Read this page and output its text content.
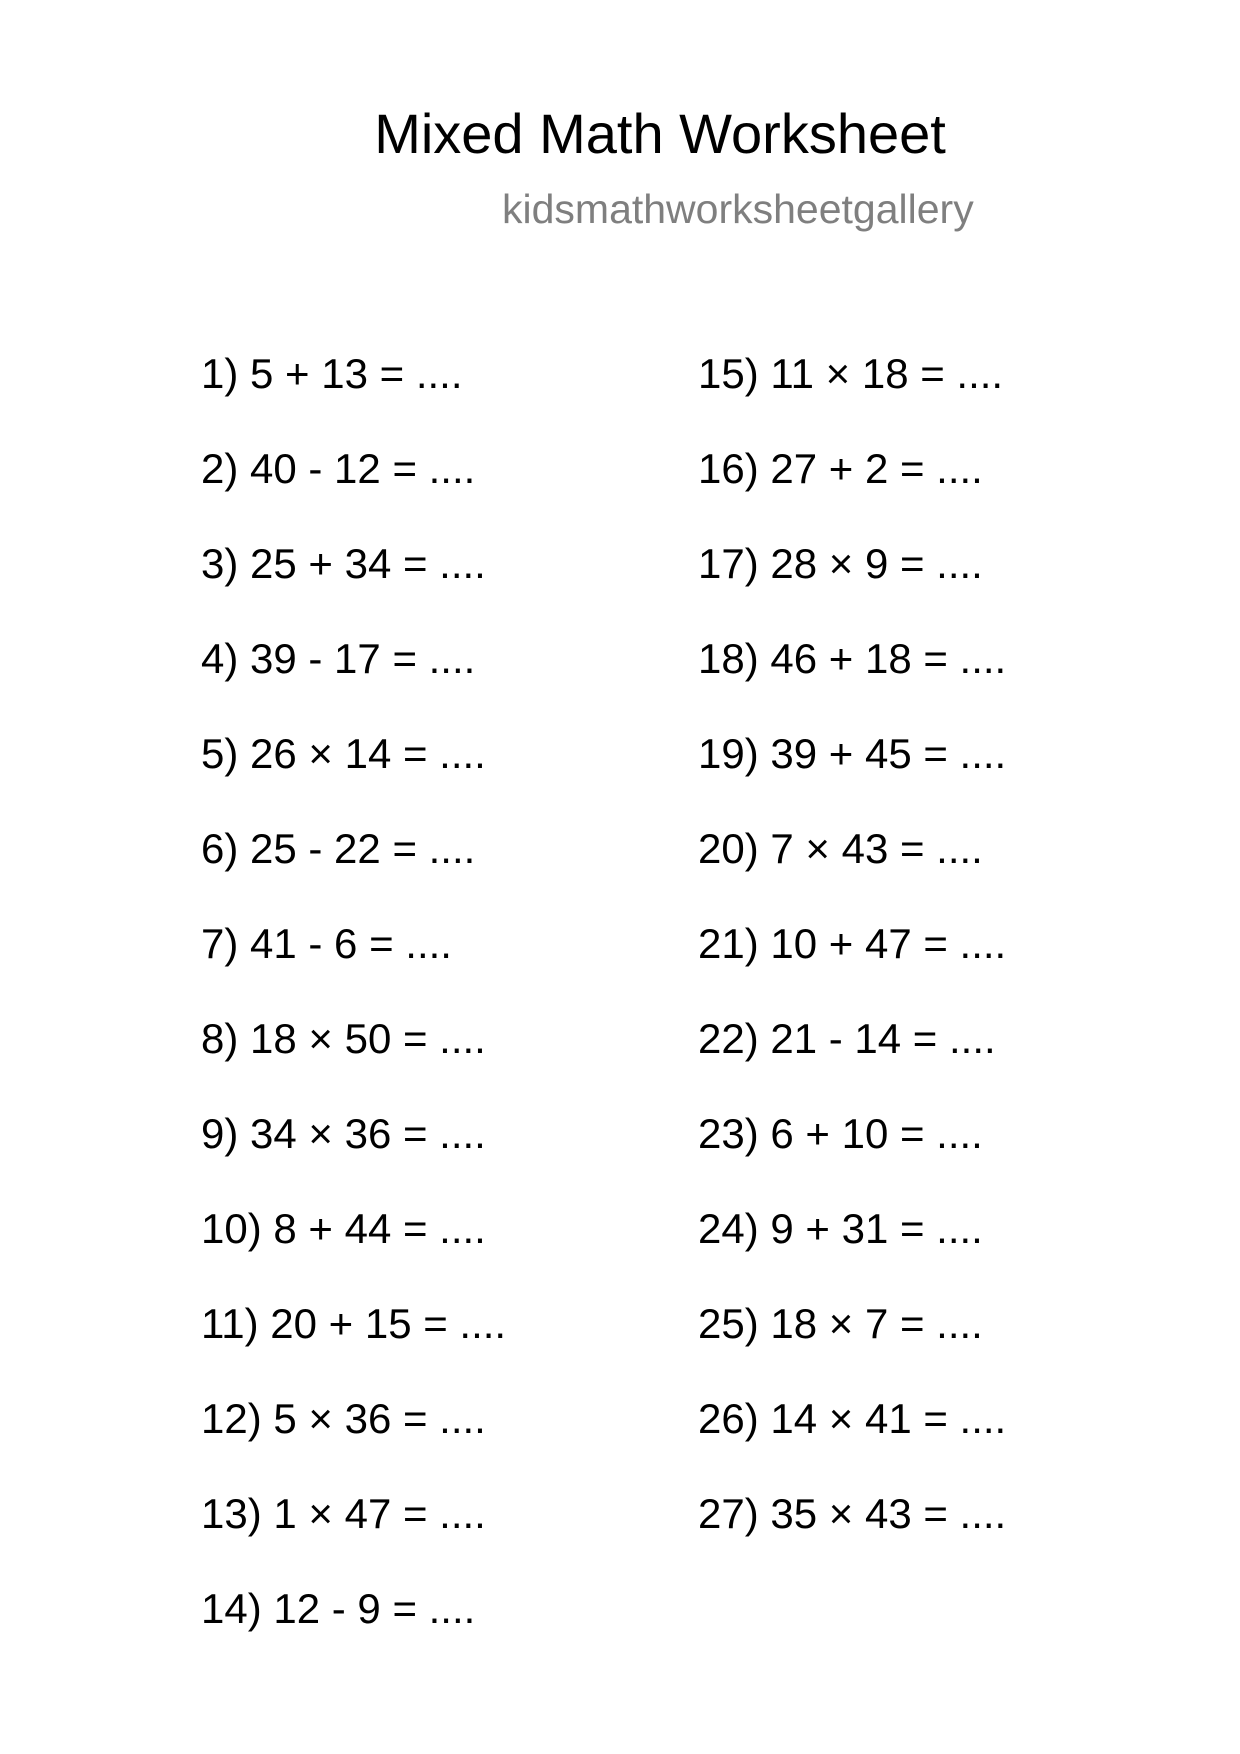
Mixed Math Worksheet
kidsmathworksheetgallery
1) 5 + 13 = ....
2) 40 - 12 = ....
3) 25 + 34 = ....
4) 39 - 17 = ....
5) 26 × 14 = ....
6) 25 - 22 = ....
7) 41 - 6 = ....
8) 18 × 50 = ....
9) 34 × 36 = ....
10) 8 + 44 = ....
11) 20 + 15 = ....
12) 5 × 36 = ....
13) 1 × 47 = ....
14) 12 - 9 = ....
15) 11 × 18 = ....
16) 27 + 2 = ....
17) 28 × 9 = ....
18) 46 + 18 = ....
19) 39 + 45 = ....
20) 7 × 43 = ....
21) 10 + 47 = ....
22) 21 - 14 = ....
23) 6 + 10 = ....
24) 9 + 31 = ....
25) 18 × 7 = ....
26) 14 × 41 = ....
27) 35 × 43 = ....
